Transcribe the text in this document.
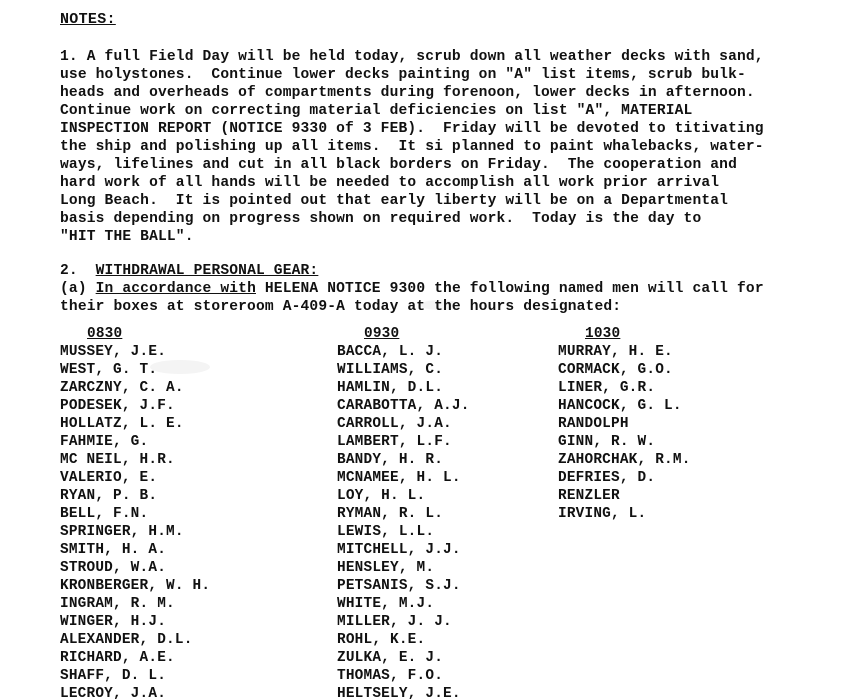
NOTES:
1. A full Field Day will be held today, scrub down all weather decks with sand,
use holystones.  Continue lower decks painting on "A" list items, scrub bulk-
heads and overheads of compartments during forenoon, lower decks in afternoon.
Continue work on correcting material deficiencies on list "A", MATERIAL
INSPECTION REPORT (NOTICE 9330 of 3 FEB).  Friday will be devoted to titivating
the ship and polishing up all items.  It si planned to paint whalebacks, water-
ways, lifelines and cut in all black borders on Friday.  The cooperation and
hard work of all hands will be needed to accomplish all work prior arrival
Long Beach.  It is pointed out that early liberty will be on a Departmental
basis depending on progress shown on required work.  Today is the day to
"HIT THE BALL".
2.  WITHDRAWAL PERSONAL GEAR:
(a) In accordance with HELENA NOTICE 9300 the following named men will call for
their boxes at storeroom A-409-A today at the hours designated:
0830
MUSSEY, J.E.
WEST, G. T.
ZARCZNY, C. A.
PODESEK, J.F.
HOLLATZ, L. E.
FAHMIE, G.
MC NEIL, H.R.
VALERIO, E.
RYAN, P. B.
BELL, F.N.
SPRINGER, H.M.
SMITH, H. A.
STROUD, W.A.
KRONBERGER, W. H.
INGRAM, R. M.
WINGER, H.J.
ALEXANDER, D.L.
RICHARD, A.E.
SHAFF, D. L.
LECROY, J.A.
0930
BACCA, L. J.
WILLIAMS, C.
HAMLIN, D.L.
CARABOTTA, A.J.
CARROLL, J.A.
LAMBERT, L.F.
BANDY, H. R.
MCNAMEE, H. L.
LOY, H. L.
RYMAN, R. L.
LEWIS, L.L.
MITCHELL, J.J.
HENSLEY, M.
PETSANIS, S.J.
WHITE, M.J.
MILLER, J. J.
ROHL, K.E.
ZULKA, E. J.
THOMAS, F.O.
HELTSELY, J.E.
1030
MURRAY, H. E.
CORMACK, G.O.
LINER, G.R.
HANCOCK, G. L.
RANDOLPH
GINN, R. W.
ZAHORCHAK, R.M.
DEFRIES, D.
RENZLER
IRVING, L.
